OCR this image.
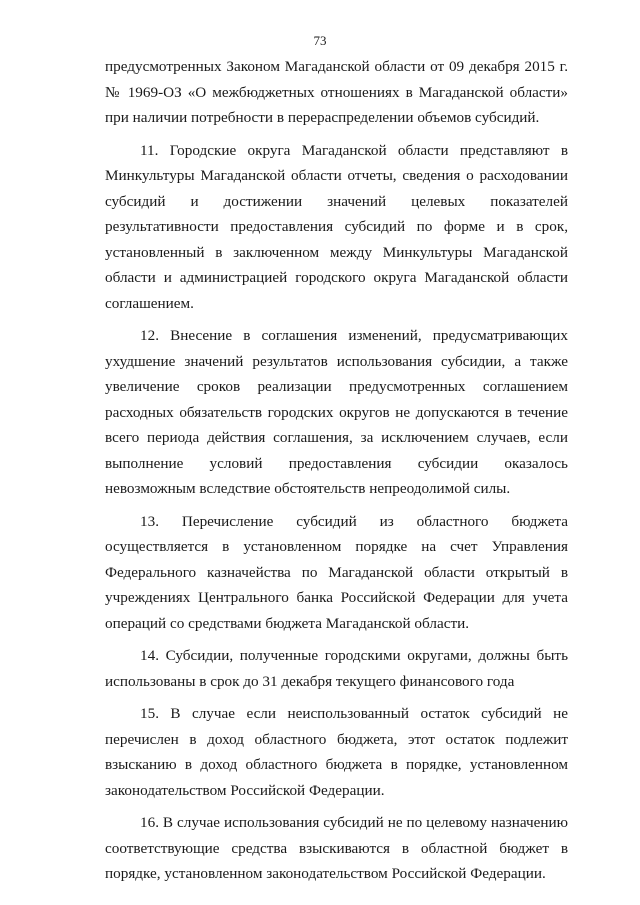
73

предусмотренных Законом Магаданской области от 09 декабря 2015 г. № 1969-ОЗ «О межбюджетных отношениях в Магаданской области» при наличии потребности в перераспределении объемов субсидий.

11. Городские округа Магаданской области представляют в Минкультуры Магаданской области отчеты, сведения о расходовании субсидий и достижении значений целевых показателей результативности предоставления субсидий по форме и в срок, установленный в заключенном между Минкультуры Магаданской области и администрацией городского округа Магаданской области соглашением.

12. Внесение в соглашения изменений, предусматривающих ухудшение значений результатов использования субсидии, а также увеличение сроков реализации предусмотренных соглашением расходных обязательств городских округов не допускаются в течение всего периода действия соглашения, за исключением случаев, если выполнение условий предоставления субсидии оказалось невозможным вследствие обстоятельств непреодолимой силы.

13. Перечисление субсидий из областного бюджета осуществляется в установленном порядке на счет Управления Федерального казначейства по Магаданской области открытый в учреждениях Центрального банка Российской Федерации для учета операций со средствами бюджета Магаданской области.

14. Субсидии, полученные городскими округами, должны быть использованы в срок до 31 декабря текущего финансового года

15. В случае если неиспользованный остаток субсидий не перечислен в доход областного бюджета, этот остаток подлежит взысканию в доход областного бюджета в порядке, установленном законодательством Российской Федерации.

16. В случае использования субсидий не по целевому назначению соответствующие средства взыскиваются в областной бюджет в порядке, установленном законодательством Российской Федерации.
